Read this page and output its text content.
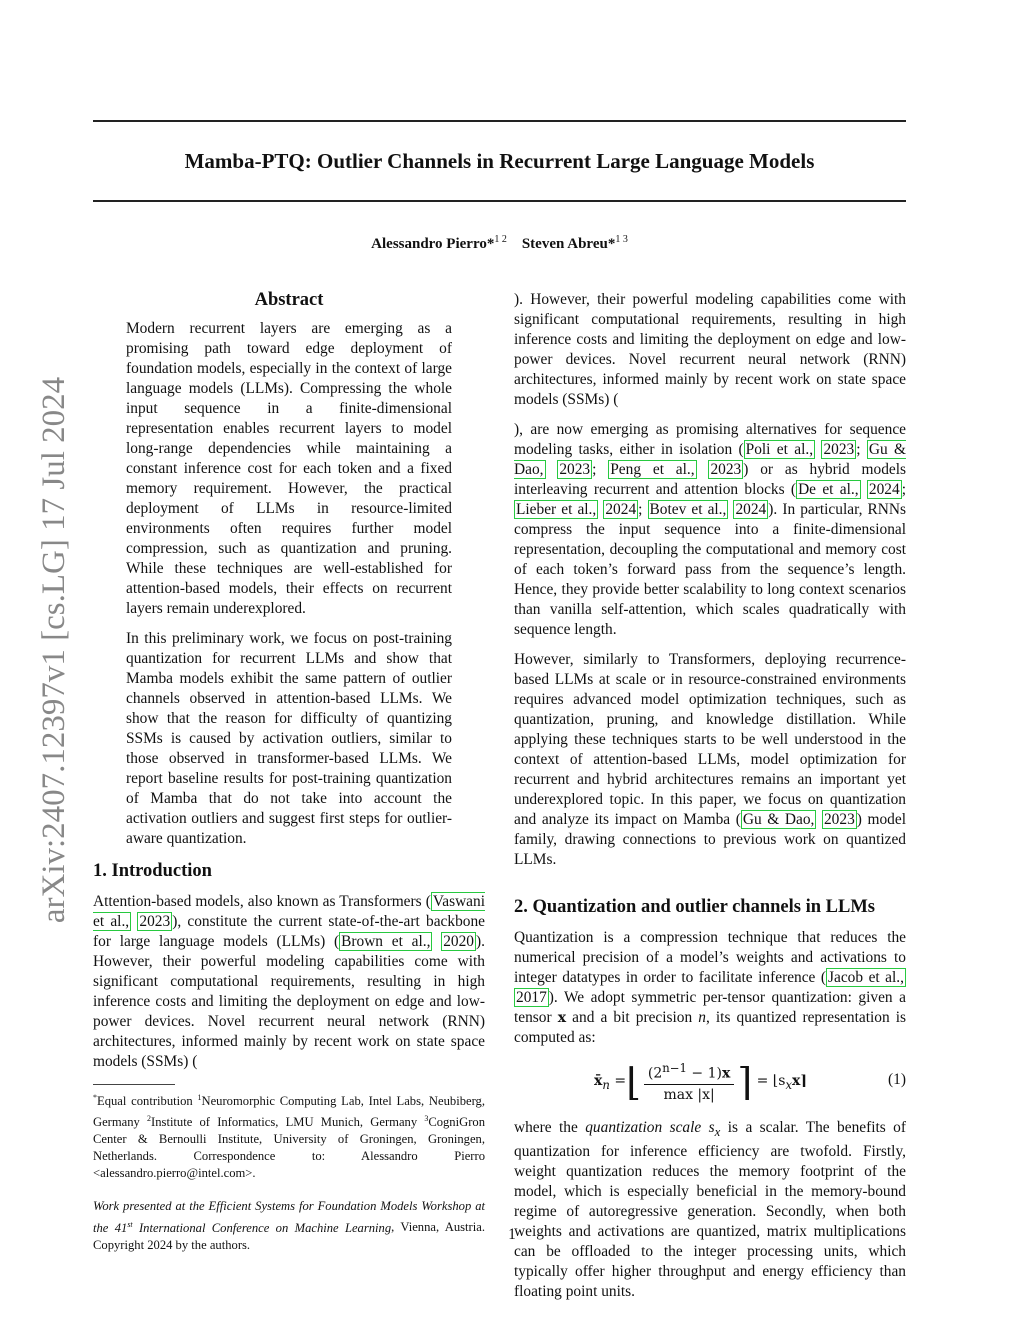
Mamba-PTQ: Outlier Channels in Recurrent Large Language Models
Alessandro Pierro*$^{1 2}$ Steven Abreu*$^{1 3}$
arXiv:2407.12397v1 [cs.LG] 17 Jul 2024
Abstract

Modern recurrent layers are emerging as a promising path toward edge deployment of foundation models, especially in the context of large language models (LLMs). Compressing the whole input sequence in a finite-dimensional representation enables recurrent layers to model long-range dependencies while maintaining a constant inference cost for each token and a fixed memory requirement. However, the practical deployment of LLMs in resource-limited environments often requires further model compression, such as quantization and pruning. While these techniques are well-established for attention-based models, their effects on recurrent layers remain underexplored.

In this preliminary work, we focus on post-training quantization for recurrent LLMs and show that Mamba models exhibit the same pattern of outlier channels observed in attention-based LLMs. We show that the reason for difficulty of quantizing SSMs is caused by activation outliers, similar to those observed in transformer-based LLMs. We report baseline results for post-training quantization of Mamba that do not take into account the activation outliers and suggest first steps for outlier-aware quantization.

1. Introduction

Attention-based models, also known as Transformers ( Vaswani et al., 2023 ), constitute the current state-of-the-art backbone for large language models (LLMs) ( Brown et al., 2020 ). However, their powerful modeling capabilities come with significant computational requirements, resulting in high inference costs and limiting the deployment on edge and low-power devices. Novel recurrent neural network (RNN) architectures, informed mainly by recent work on state space models (SSMs) (

*Equal contribution $^1$Neuromorphic Computing Lab, Intel Labs, Neubiberg, Germany $^2$Institute of Informatics, LMU Munich, Germany $^3$CogniGron Center & Bernoulli Institute, University of Groningen, Groningen, Netherlands. Correspondence to: Alessandro Pierro <alessandro.pierro@intel.com>.

Work presented at the Efficient Systems for Foundation Models Workshop at the 41st International Conference on Machine Learning, Vienna, Austria. Copyright 2024 by the authors.

). However, their powerful modeling capabilities come with significant computational requirements, resulting in high inference costs and limiting the deployment on edge and low-power devices. Novel recurrent neural network (RNN) architectures, informed mainly by recent work on state space models (SSMs) (

), are now emerging as promising alternatives for sequence modeling tasks, either in isolation ( Poli et al., 2023 ; Gu & Dao, 2023 ; Peng et al., 2023 ) or as hybrid models interleaving recurrent and attention blocks ( De et al., 2024 ; Lieber et al., 2024 ; Botev et al., 2024 ). In particular, RNNs compress the input sequence into a finite-dimensional representation, decoupling the computational and memory cost of each token’s forward pass from the sequence’s length. Hence, they provide better scalability to long context scenarios than vanilla self-attention, which scales quadratically with sequence length.

However, similarly to Transformers, deploying recurrence-based LLMs at scale or in resource-constrained environments requires advanced model optimization techniques, such as quantization, pruning, and knowledge distillation. While applying these techniques starts to be well understood in the context of attention-based LLMs, model optimization for recurrent and hybrid architectures remains an important yet underexplored topic. In this paper, we focus on quantization and analyze its impact on Mamba ( Gu & Dao, 2023 ) model family, drawing connections to previous work on quantized LLMs.

2. Quantization and outlier channels in LLMs

Quantization is a compression technique that reduces the numerical precision of a model’s weights and activations to integer datatypes in order to facilitate inference ( Jacob et al., 2017 ). We adopt symmetric per-tensor quantization: given a tensor x and a bit precision n, its quantized representation is computed as:

$x̄_n$ = ⌊ $\frac{(2^{n-1} - 1)x}{\max |x|}$ ⌉ = $⌊s_xx⌉$	(1)

where the quantization scale $s_x$ is a scalar. The benefits of quantization for inference efficiency are twofold. Firstly, weight quantization reduces the memory footprint of the model, which is especially beneficial in the memory-bound regime of autoregressive generation. Secondly, when both weights and activations are quantized, matrix multiplications can be offloaded to the integer processing units, which typically offer higher throughput and energy efficiency than floating point units.

1
